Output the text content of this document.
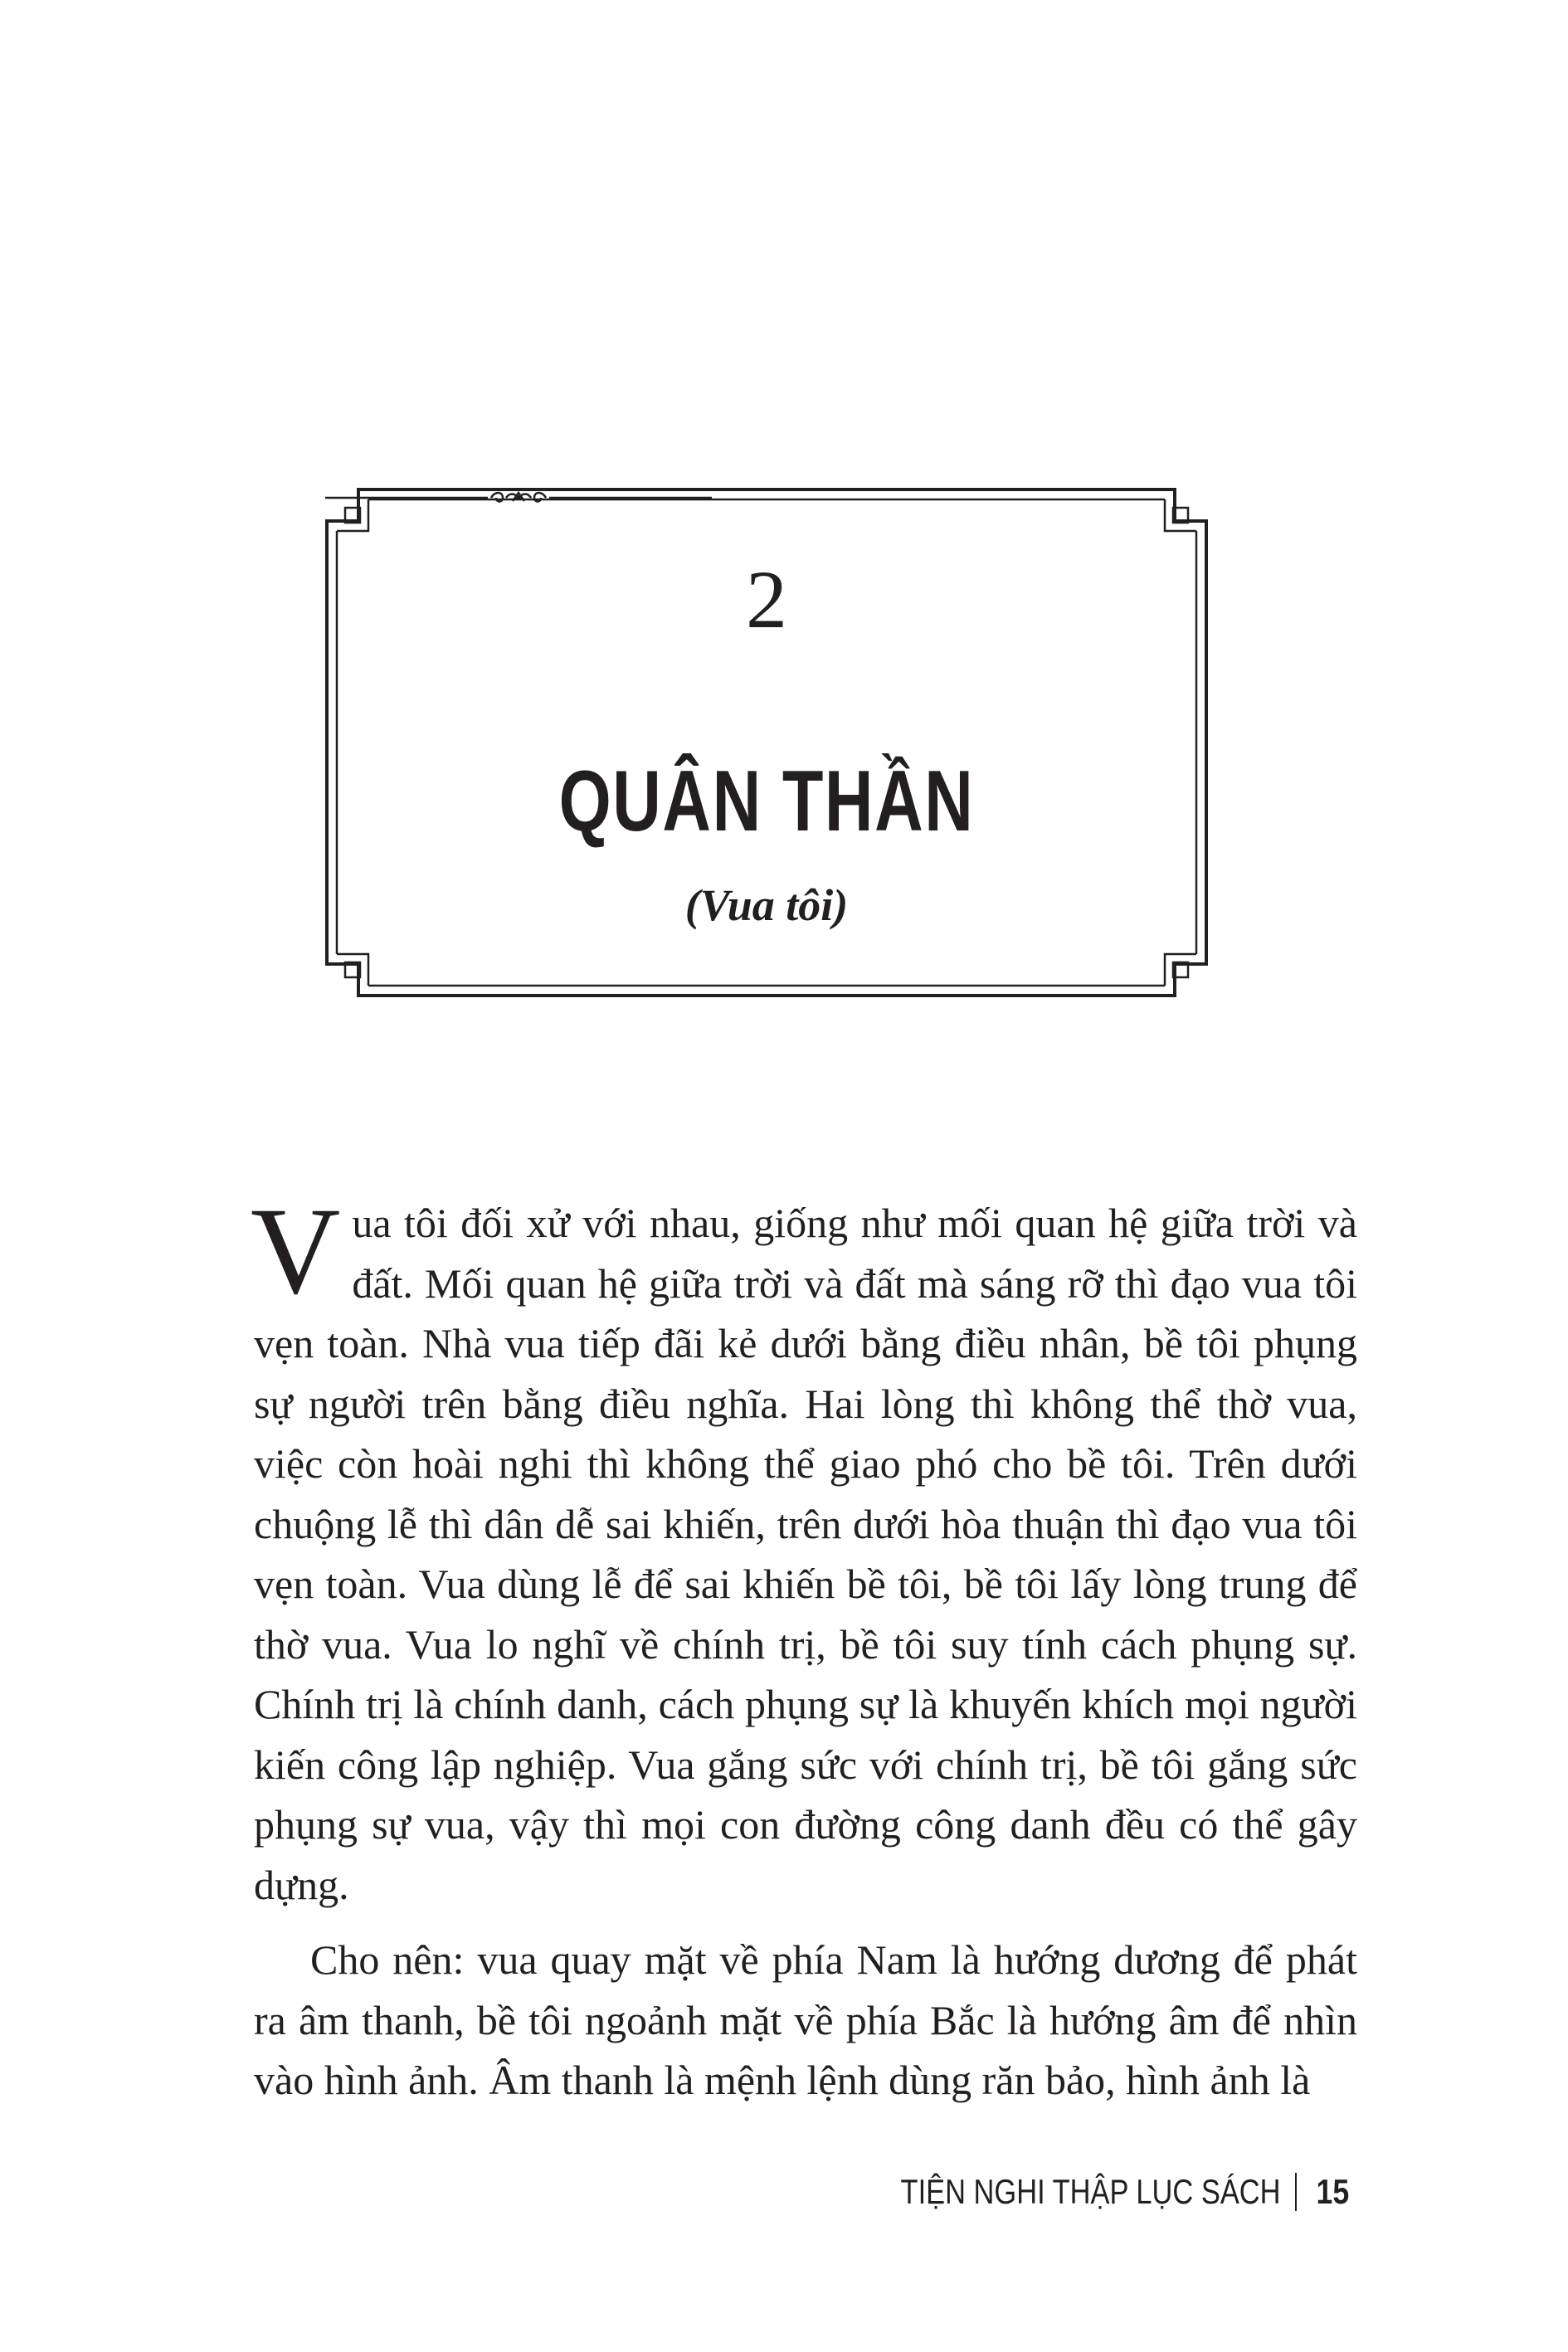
2
QUÂN THẦN
(Vua tôi)

Vua tôi đối xử với nhau, giống như mối quan hệ giữa trời và đất. Mối quan hệ giữa trời và đất mà sáng rỡ thì đạo vua tôi vẹn toàn. Nhà vua tiếp đãi kẻ dưới bằng điều nhân, bề tôi phụng sự người trên bằng điều nghĩa. Hai lòng thì không thể thờ vua, việc còn hoài nghi thì không thể giao phó cho bề tôi. Trên dưới chuộng lễ thì dân dễ sai khiến, trên dưới hòa thuận thì đạo vua tôi vẹn toàn. Vua dùng lễ để sai khiến bề tôi, bề tôi lấy lòng trung để thờ vua. Vua lo nghĩ về chính trị, bề tôi suy tính cách phụng sự. Chính trị là chính danh, cách phụng sự là khuyến khích mọi người kiến công lập nghiệp. Vua gắng sức với chính trị, bề tôi gắng sức phụng sự vua, vậy thì mọi con đường công danh đều có thể gây dựng.

Cho nên: vua quay mặt về phía Nam là hướng dương để phát ra âm thanh, bề tôi ngoảnh mặt về phía Bắc là hướng âm để nhìn vào hình ảnh. Âm thanh là mệnh lệnh dùng răn bảo, hình ảnh là

TIỆN NGHI THẬP LỤC SÁCH 15
